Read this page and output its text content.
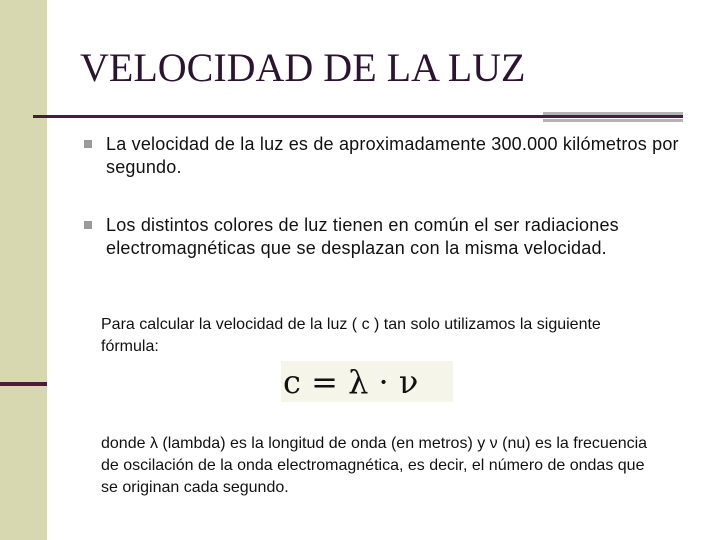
VELOCIDAD DE LA LUZ
La velocidad de la luz es de aproximadamente 300.000 kilómetros por segundo.
Los distintos colores de luz tienen en común el ser radiaciones electromagnéticas que se desplazan con la misma velocidad.
Para calcular la velocidad de la luz ( c ) tan solo utilizamos la siguiente fórmula:
c = λ · ν
donde λ (lambda) es la longitud de onda (en metros) y ν (nu) es la frecuencia de oscilación de la onda electromagnética, es decir, el número de ondas que se originan cada segundo.
